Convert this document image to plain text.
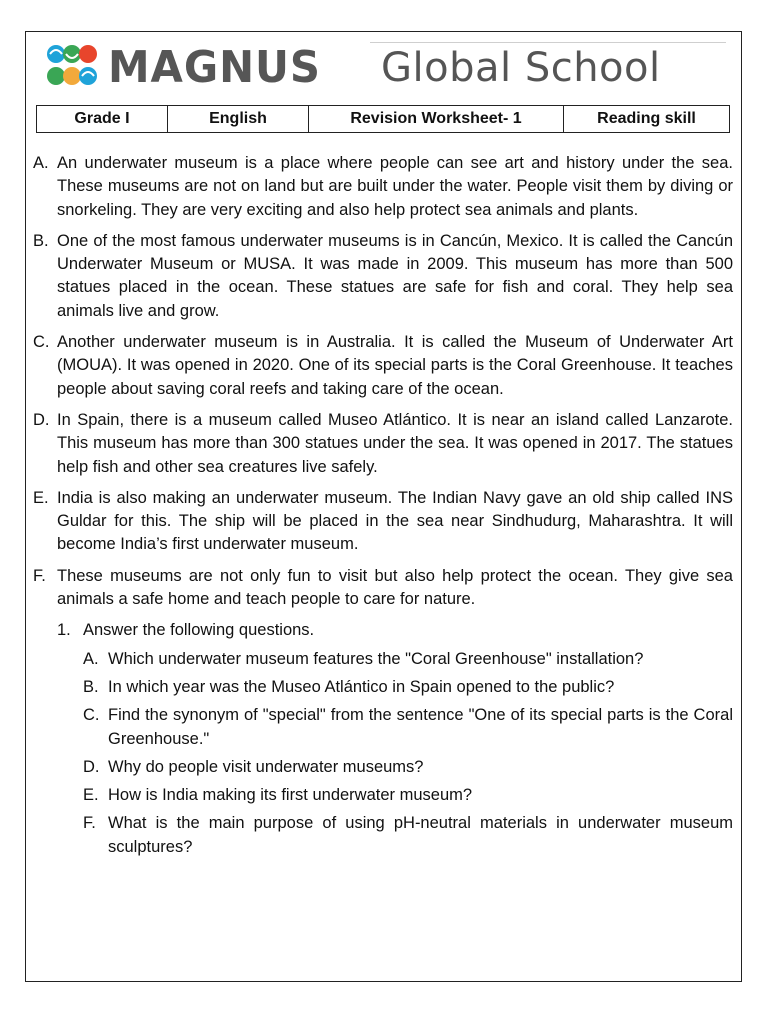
MAGNUS Global School
Grade I	English	Revision Worksheet- 1	Reading skill
A. An underwater museum is a place where people can see art and history under the sea. These museums are not on land but are built under the water. People visit them by diving or snorkeling. They are very exciting and also help protect sea animals and plants.
B. One of the most famous underwater museums is in Cancún, Mexico. It is called the Cancún Underwater Museum or MUSA. It was made in 2009. This museum has more than 500 statues placed in the ocean. These statues are safe for fish and coral. They help sea animals live and grow.
C. Another underwater museum is in Australia. It is called the Museum of Underwater Art (MOUA). It was opened in 2020. One of its special parts is the Coral Greenhouse. It teaches people about saving coral reefs and taking care of the ocean.
D. In Spain, there is a museum called Museo Atlántico. It is near an island called Lanzarote. This museum has more than 300 statues under the sea. It was opened in 2017. The statues help fish and other sea creatures live safely.
E. India is also making an underwater museum. The Indian Navy gave an old ship called INS Guldar for this. The ship will be placed in the sea near Sindhudurg, Maharashtra. It will become India’s first underwater museum.
F. These museums are not only fun to visit but also help protect the ocean. They give sea animals a safe home and teach people to care for nature.
1. Answer the following questions.
A. Which underwater museum features the "Coral Greenhouse" installation?
B. In which year was the Museo Atlántico in Spain opened to the public?
C. Find the synonym of "special" from the sentence "One of its special parts is the Coral Greenhouse."
D. Why do people visit underwater museums?
E. How is India making its first underwater museum?
F. What is the main purpose of using pH-neutral materials in underwater museum sculptures?
